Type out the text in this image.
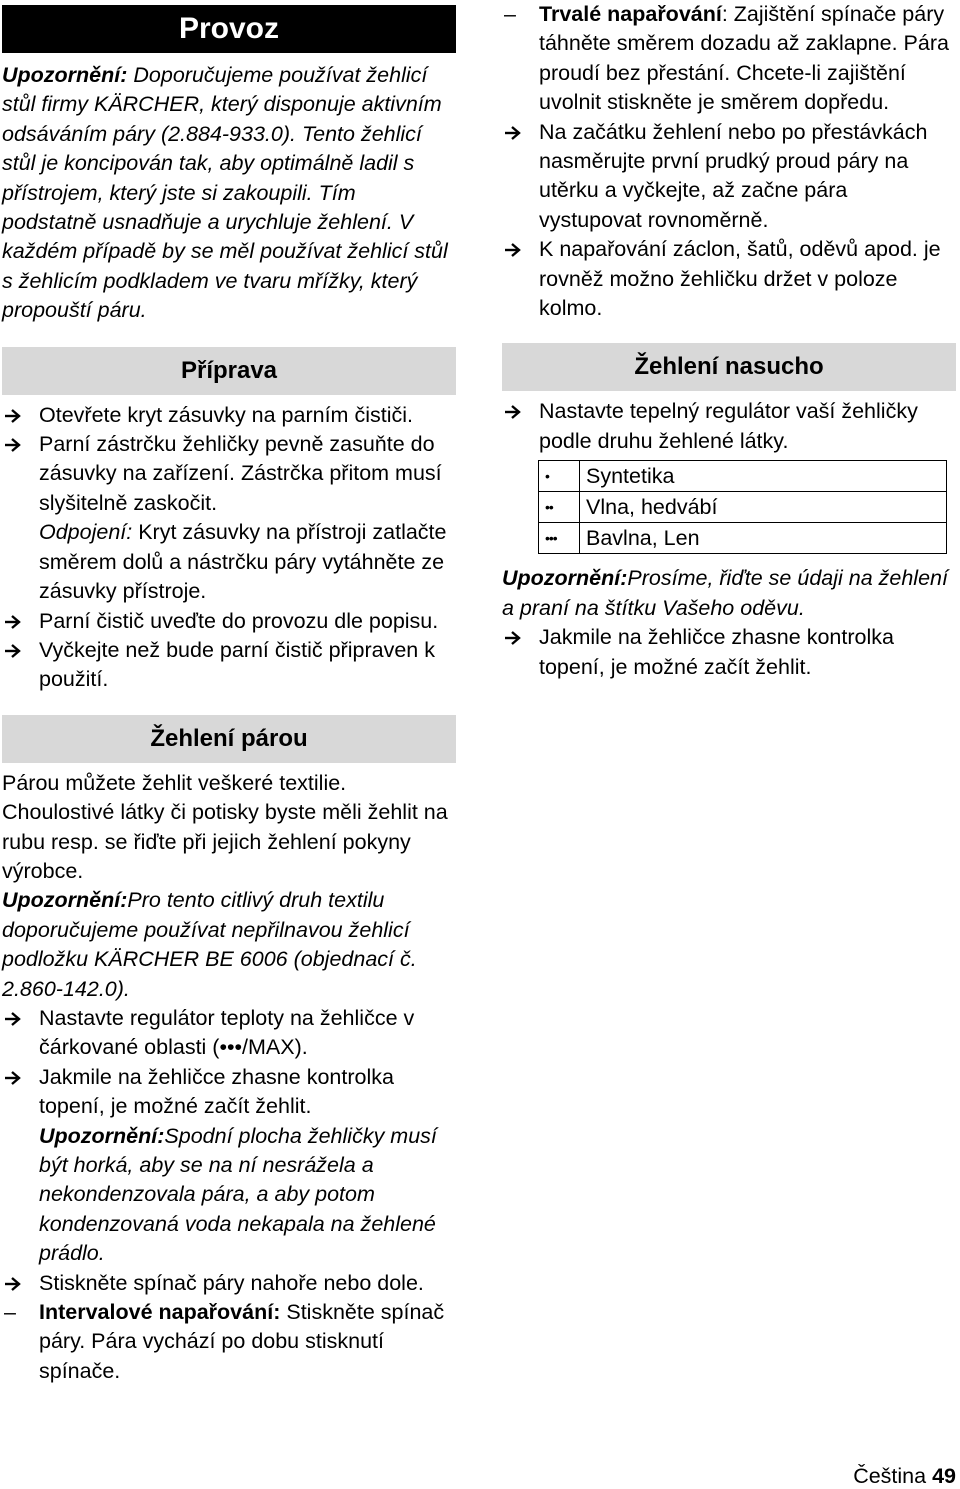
Provoz

Upozornění: Doporučujeme používat žehlicí stůl firmy KÄRCHER, který disponuje aktivním odsáváním páry (2.884-933.0). Tento žehlicí stůl je koncipován tak, aby optimálně ladil s přístrojem, který jste si zakoupili. Tím podstatně usnadňuje a urychluje žehlení. V každém případě by se měl používat žehlicí stůl s žehlicím podkladem ve tvaru mřížky, který propouští páru.

Příprava

Otevřete kryt zásuvky na parním čističi.

Parní zástrčku žehličky pevně zasuňte do zásuvky na zařízení. Zástrčka přitom musí slyšitelně zaskočit.

Odpojení: Kryt zásuvky na přístroji zatlačte směrem dolů a nástrčku páry vytáhněte ze zásuvky přístroje.

Parní čistič uveďte do provozu dle popisu.

Vyčkejte než bude parní čistič připraven k použití.

Žehlení párou

Párou můžete žehlit veškeré textilie. Choulostivé látky či potisky byste měli žehlit na rubu resp. se řiďte při jejich žehlení pokyny výrobce.

Upozornění:Pro tento citlivý druh textilu doporučujeme používat nepřilnavou žehlicí podložku KÄRCHER BE 6006 (objednací č. 2.860-142.0).

Nastavte regulátor teploty na žehličce v čárkované oblasti (•••/MAX).

Jakmile na žehličce zhasne kontrolka topení, je možné začít žehlit.

Upozornění:Spodní plocha žehličky musí být horká, aby se na ní nesrážela a nekondenzovala pára, a aby potom kondenzovaná voda nekapala na žehlené prádlo.

Stiskněte spínač páry nahoře nebo dole.

– Intervalové napařování: Stiskněte spínač páry. Pára vychází po dobu stisknutí spínače.

– Trvalé napařování: Zajištění spínače páry táhněte směrem dozadu až zaklapne. Pára proudí bez přestání. Chcete-li zajištění uvolnit stiskněte je směrem dopředu.

Na začátku žehlení nebo po přestávkách nasměrujte první prudký proud páry na utěrku a vyčkejte, až začne pára vystupovat rovnoměrně.

K napařování záclon, šatů, oděvů apod. je rovněž možno žehličku držet v poloze kolmo.

Žehlení nasucho

Nastavte tepelný regulátor vaší žehličky podle druhu žehlené látky.

•	Syntetika
••	Vlna, hedvábí
•••	Bavlna, Len

Upozornění:Prosíme, řiďte se údaji na žehlení a praní na štítku Vašeho oděvu.

Jakmile na žehličce zhasne kontrolka topení, je možné začít žehlit.

Čeština 49
